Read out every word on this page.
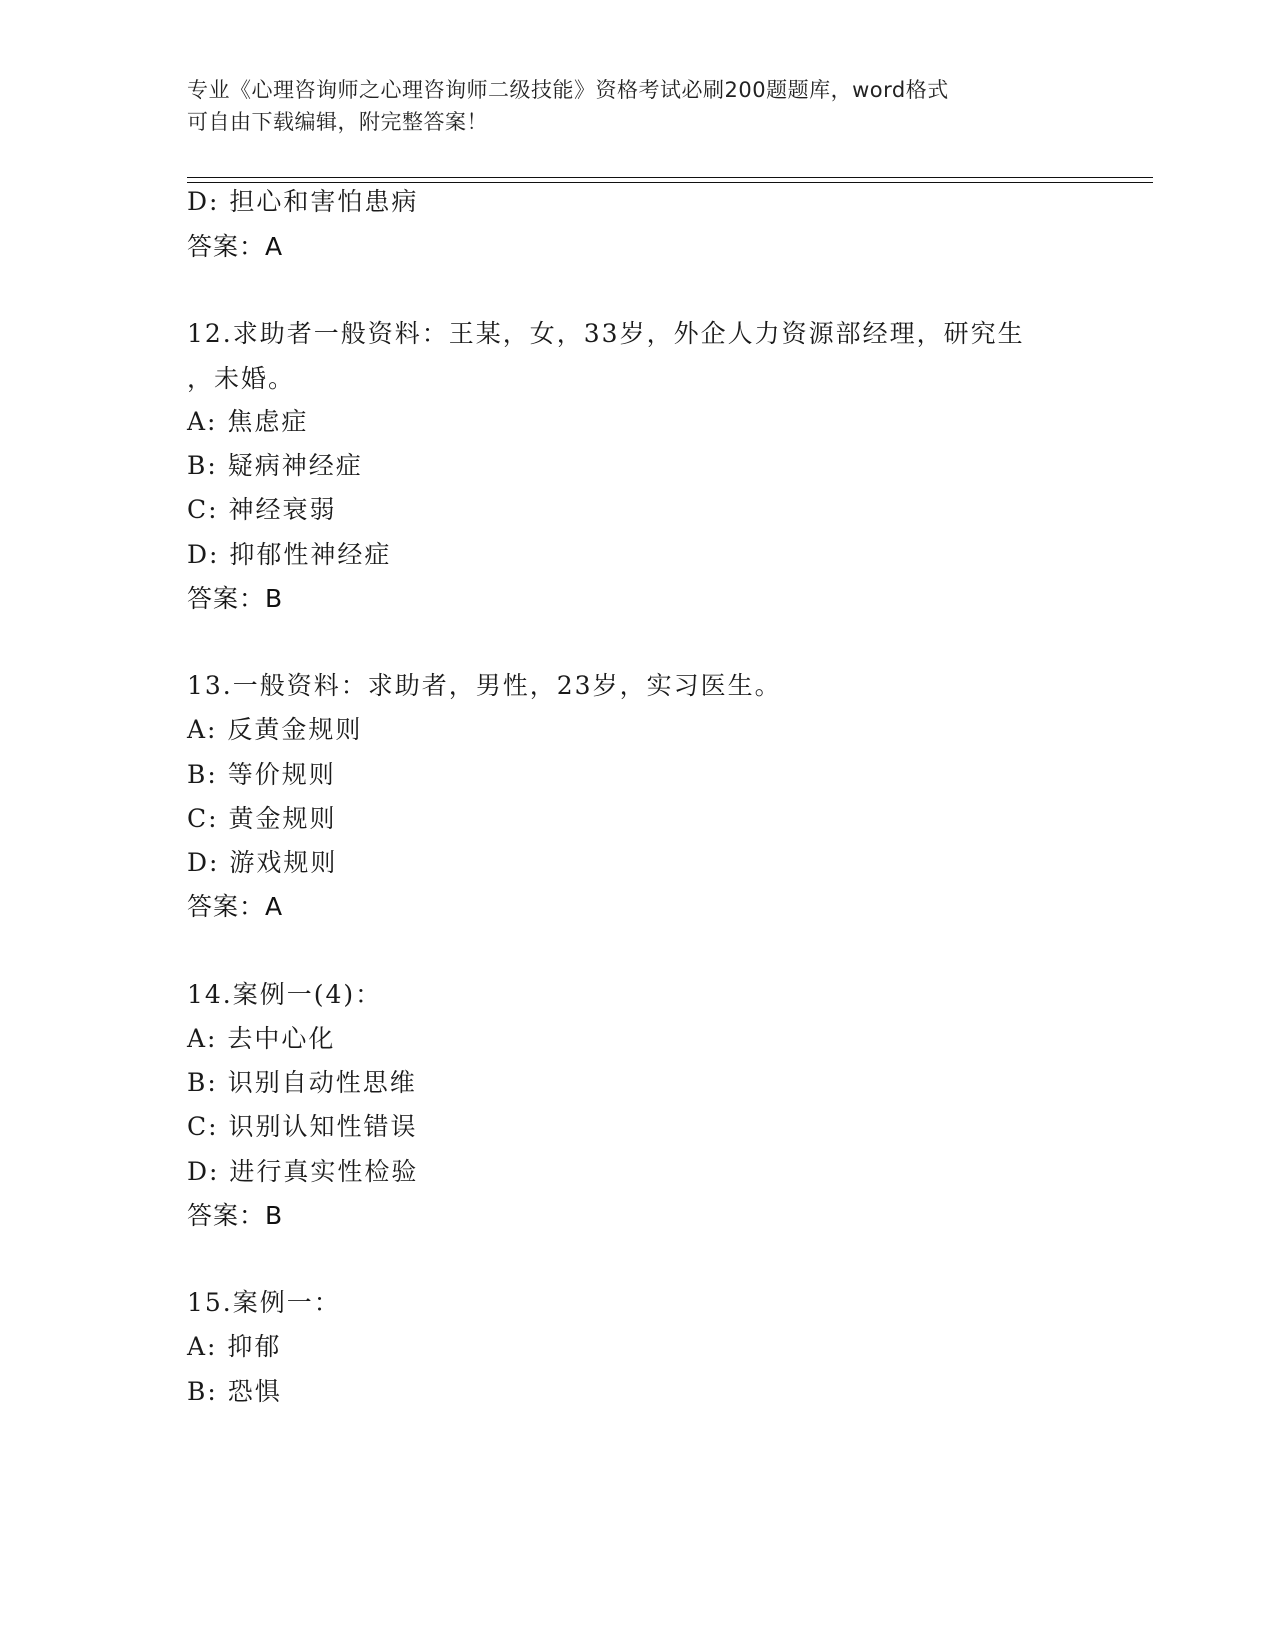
专业《心理咨询师之心理咨询师二级技能》资格考试必刷200题题库，word格式
可自由下载编辑，附完整答案！
D: 担心和害怕患病
答案：A
12.求助者一般资料：王某，女，33岁，外企人力资源部经理，研究生
，未婚。
A: 焦虑症
B: 疑病神经症
C: 神经衰弱
D: 抑郁性神经症
答案：B
13.一般资料：求助者，男性，23岁，实习医生。
A: 反黄金规则
B: 等价规则
C: 黄金规则
D: 游戏规则
答案：A
14.案例一(4)：
A: 去中心化
B: 识别自动性思维
C: 识别认知性错误
D: 进行真实性检验
答案：B
15.案例一：
A: 抑郁
B: 恐惧
